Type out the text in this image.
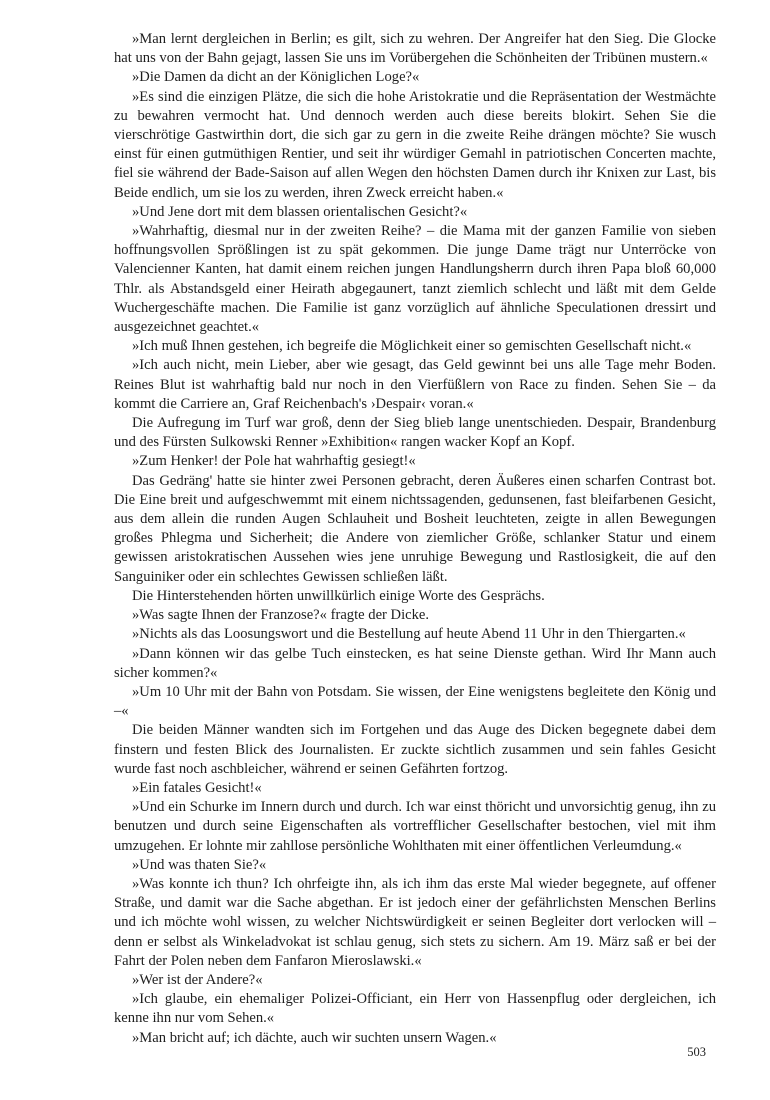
»Man lernt dergleichen in Berlin; es gilt, sich zu wehren. Der Angreifer hat den Sieg. Die Glocke hat uns von der Bahn gejagt, lassen Sie uns im Vorübergehen die Schönheiten der Tribünen mustern.«

»Die Damen da dicht an der Königlichen Loge?«

»Es sind die einzigen Plätze, die sich die hohe Aristokratie und die Repräsentation der Westmächte zu bewahren vermocht hat. Und dennoch werden auch diese bereits blokirt. Sehen Sie die vierschrötige Gastwirthin dort, die sich gar zu gern in die zweite Reihe drängen möchte? Sie wusch einst für einen gutmüthigen Rentier, und seit ihr würdiger Gemahl in patriotischen Concerten machte, fiel sie während der Bade-Saison auf allen Wegen den höchsten Damen durch ihr Knixen zur Last, bis Beide endlich, um sie los zu werden, ihren Zweck erreicht haben.«

»Und Jene dort mit dem blassen orientalischen Gesicht?«

»Wahrhaftig, diesmal nur in der zweiten Reihe? – die Mama mit der ganzen Familie von sieben hoffnungsvollen Sprößlingen ist zu spät gekommen. Die junge Dame trägt nur Unterröcke von Valencienner Kanten, hat damit einem reichen jungen Handlungsherrn durch ihren Papa bloß 60,000 Thlr. als Abstandsgeld einer Heirath abgegaunert, tanzt ziemlich schlecht und läßt mit dem Gelde Wuchergeschäfte machen. Die Familie ist ganz vorzüglich auf ähnliche Speculationen dressirt und ausgezeichnet geachtet.«

»Ich muß Ihnen gestehen, ich begreife die Möglichkeit einer so gemischten Gesellschaft nicht.«

»Ich auch nicht, mein Lieber, aber wie gesagt, das Geld gewinnt bei uns alle Tage mehr Boden. Reines Blut ist wahrhaftig bald nur noch in den Vierfüßlern von Race zu finden. Sehen Sie – da kommt die Carriere an, Graf Reichenbach's ›Despair‹ voran.«

Die Aufregung im Turf war groß, denn der Sieg blieb lange unentschieden. Despair, Brandenburg und des Fürsten Sulkowski Renner »Exhibition« rangen wacker Kopf an Kopf.

»Zum Henker! der Pole hat wahrhaftig gesiegt!«

Das Gedräng' hatte sie hinter zwei Personen gebracht, deren Äußeres einen scharfen Contrast bot. Die Eine breit und aufgeschwemmt mit einem nichtssagenden, gedunsenen, fast bleifarbenen Gesicht, aus dem allein die runden Augen Schlauheit und Bosheit leuchteten, zeigte in allen Bewegungen großes Phlegma und Sicherheit; die Andere von ziemlicher Größe, schlanker Statur und einem gewissen aristokratischen Aussehen wies jene unruhige Bewegung und Rastlosigkeit, die auf den Sanguiniker oder ein schlechtes Gewissen schließen läßt.

Die Hinterstehenden hörten unwillkürlich einige Worte des Gesprächs.

»Was sagte Ihnen der Franzose?« fragte der Dicke.

»Nichts als das Loosungswort und die Bestellung auf heute Abend 11 Uhr in den Thiergarten.«

»Dann können wir das gelbe Tuch einstecken, es hat seine Dienste gethan. Wird Ihr Mann auch sicher kommen?«

»Um 10 Uhr mit der Bahn von Potsdam. Sie wissen, der Eine wenigstens begleitete den König und –«

Die beiden Männer wandten sich im Fortgehen und das Auge des Dicken begegnete dabei dem finstern und festen Blick des Journalisten. Er zuckte sichtlich zusammen und sein fahles Gesicht wurde fast noch aschbleicher, während er seinen Gefährten fortzog.

»Ein fatales Gesicht!«

»Und ein Schurke im Innern durch und durch. Ich war einst thöricht und unvorsichtig genug, ihn zu benutzen und durch seine Eigenschaften als vortrefflicher Gesellschafter bestochen, viel mit ihm umzugehen. Er lohnte mir zahllose persönliche Wohlthaten mit einer öffentlichen Verleumdung.«

»Und was thaten Sie?«

»Was konnte ich thun? Ich ohrfeigte ihn, als ich ihm das erste Mal wieder begegnete, auf offener Straße, und damit war die Sache abgethan. Er ist jedoch einer der gefährlichsten Menschen Berlins und ich möchte wohl wissen, zu welcher Nichtswürdigkeit er seinen Begleiter dort verlocken will – denn er selbst als Winkeladvokat ist schlau genug, sich stets zu sichern. Am 19. März saß er bei der Fahrt der Polen neben dem Fanfaron Mieroslawski.«

»Wer ist der Andere?«

»Ich glaube, ein ehemaliger Polizei-Officiant, ein Herr von Hassenpflug oder dergleichen, ich kenne ihn nur vom Sehen.«

»Man bricht auf; ich dächte, auch wir suchten unsern Wagen.«

503
